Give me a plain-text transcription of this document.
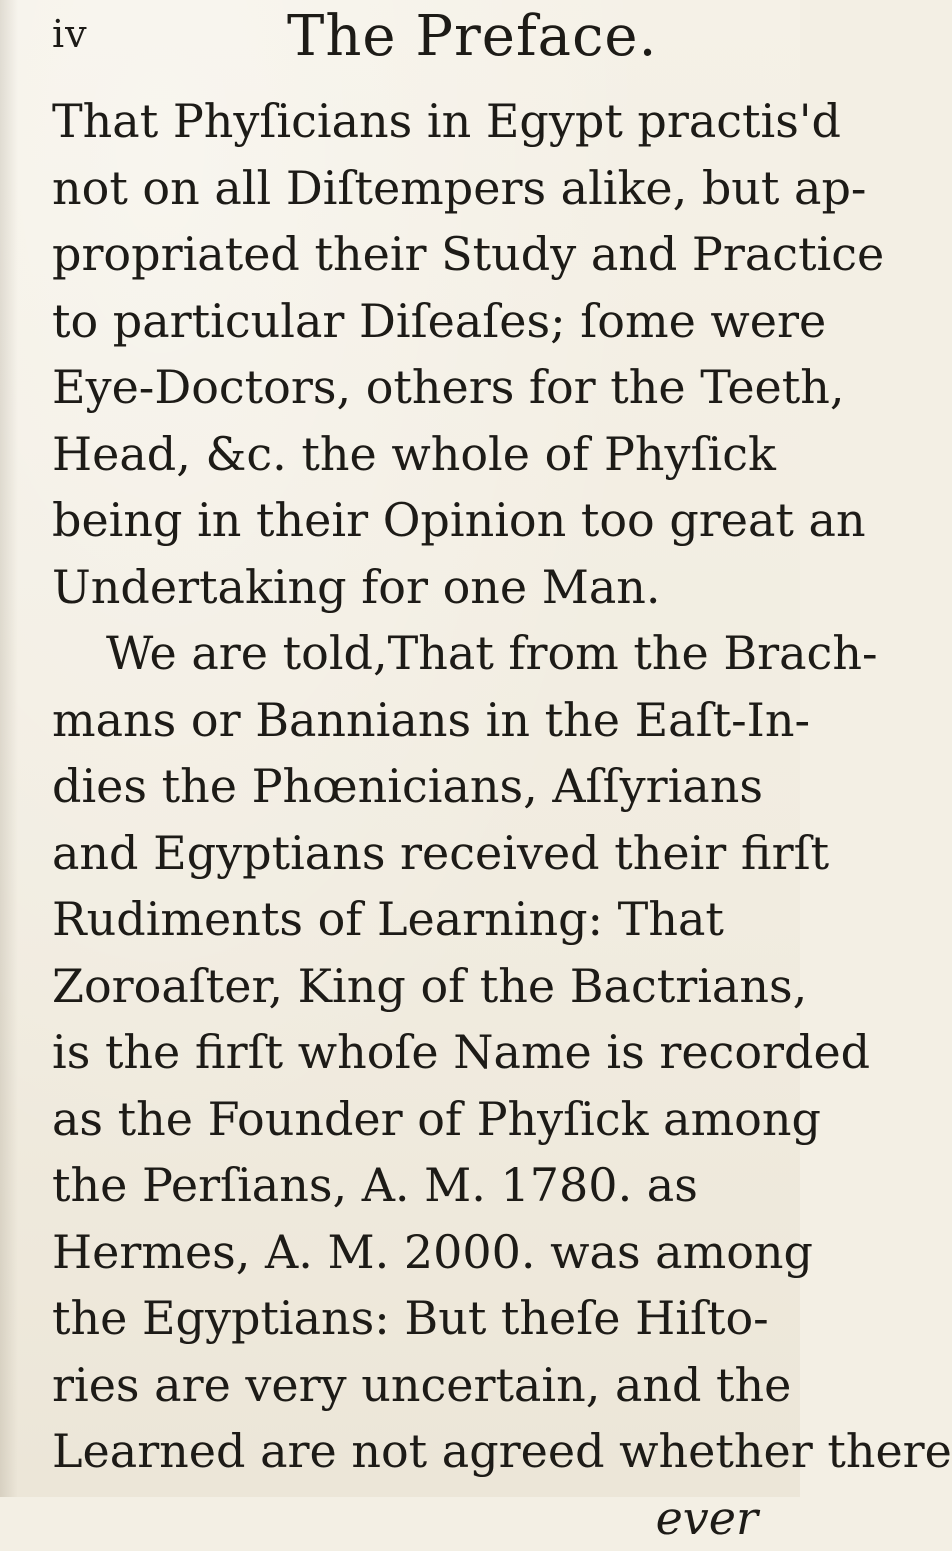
iv	The Preface.
That Phyſicians in Egypt practis'd
not on all Diſtempers alike, but ap-
propriated their Study and Practice
to particular Diſeaſes; ſome were
Eye-Doctors, others for the Teeth,
Head, &c. the whole of Phyſick
being in their Opinion too great an
Undertaking for one Man.
We are told,That from the Brach-
mans or Bannians in the Eaſt-In-
dies the Phœnicians, Aſſyrians
and Egyptians received their firſt
Rudiments of Learning: That
Zoroaſter, King of the Bactrians,
is the firſt whoſe Name is recorded
as the Founder of Phyſick among
the Perſians, A. M. 1780. as
Hermes, A. M. 2000. was among
the Egyptians: But theſe Hiſto-
ries are very uncertain, and the
Learned are not agreed whether there
ever
